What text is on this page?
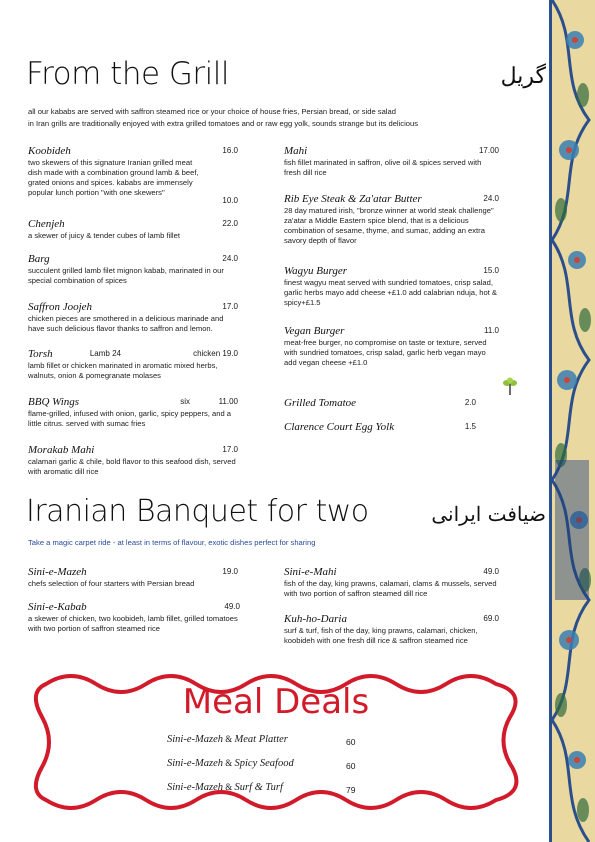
From the Grill	گریل
all our kababs are served with saffron steamed rice or your choice of house fries, Persian bread, or side salad
in Iran grills are traditionally enjoyed with extra grilled tomatoes and or raw egg yolk, sounds strange but its delicious
Koobideh	16.0
two skewers of this signature Iranian grilled meat dish made with a combination ground lamb & beef, grated onions and spices. kababs are immensely popular lunch portion "with one skewers"
10.0
Chenjeh	22.0
a skewer of juicy & tender cubes of lamb fillet
Barg	24.0
succulent grilled lamb filet mignon kabab, marinated in our special combination of spices
Saffron Joojeh	17.0
chicken pieces are smothered in a delicious marinade and have such delicious flavor thanks to saffron and lemon.
Torsh	Lamb 24	chicken 19.0
lamb fillet or chicken marinated in aromatic mixed herbs, walnuts, onion & pomegranate molases
BBQ Wings	six	11.00
flame-grilled, infused with onion, garlic, spicy peppers, and a little citrus. served with sumac fries
Morakab Mahi	17.0
calamari garlic & chile, bold flavor to this seafood dish, served with aromatic dill rice
Mahi	17.00
fish fillet marinated in saffron, olive oil & spices served with fresh dill rice
Rib Eye Steak & Za'atar Butter	24.0
28 day matured irish, "bronze winner at world steak challenge" za'atar a Middle Eastern spice blend, that is a delicious combination of sesame, thyme, and sumac, adding an extra savory depth of flavor
Wagyu Burger	15.0
finest wagyu meat served with sundried tomatoes, crisp salad, garlic herbs mayo add cheese +£1.0 add calabrian nduja, hot & spicy+£1.5
Vegan Burger	11.0
meat-free burger, no compromise on taste or texture, served with sundried tomatoes, crisp salad, garlic herb vegan mayo add vegan cheese +£1.0
Grilled Tomatoe	2.0
Clarence Court Egg Yolk	1.5
Iranian Banquet for two	ضیافت ایرانی
Take a magic carpet ride - at least in terms of flavour, exotic dishes perfect for sharing
Sini-e-Mazeh	19.0
chefs selection of four starters with Persian bread
Sini-e-Kabab	49.0
a skewer of chicken, two koobideh, lamb fillet, grilled tomatoes with two portion of saffron steamed rice
Sini-e-Mahi	49.0
fish of the day, king prawns, calamari, clams & mussels, served with two portion of saffron steamed dill rice
Kuh-ho-Daria	69.0
surf & turf, fish of the day, king prawns, calamari, chicken, koobideh with one fresh dill rice & saffron steamed rice
Meal Deals
Sini-e-Mazeh & Meat Platter	60
Sini-e-Mazeh & Spicy Seafood	60
Sini-e-Mazeh & Surf & Turf	79
